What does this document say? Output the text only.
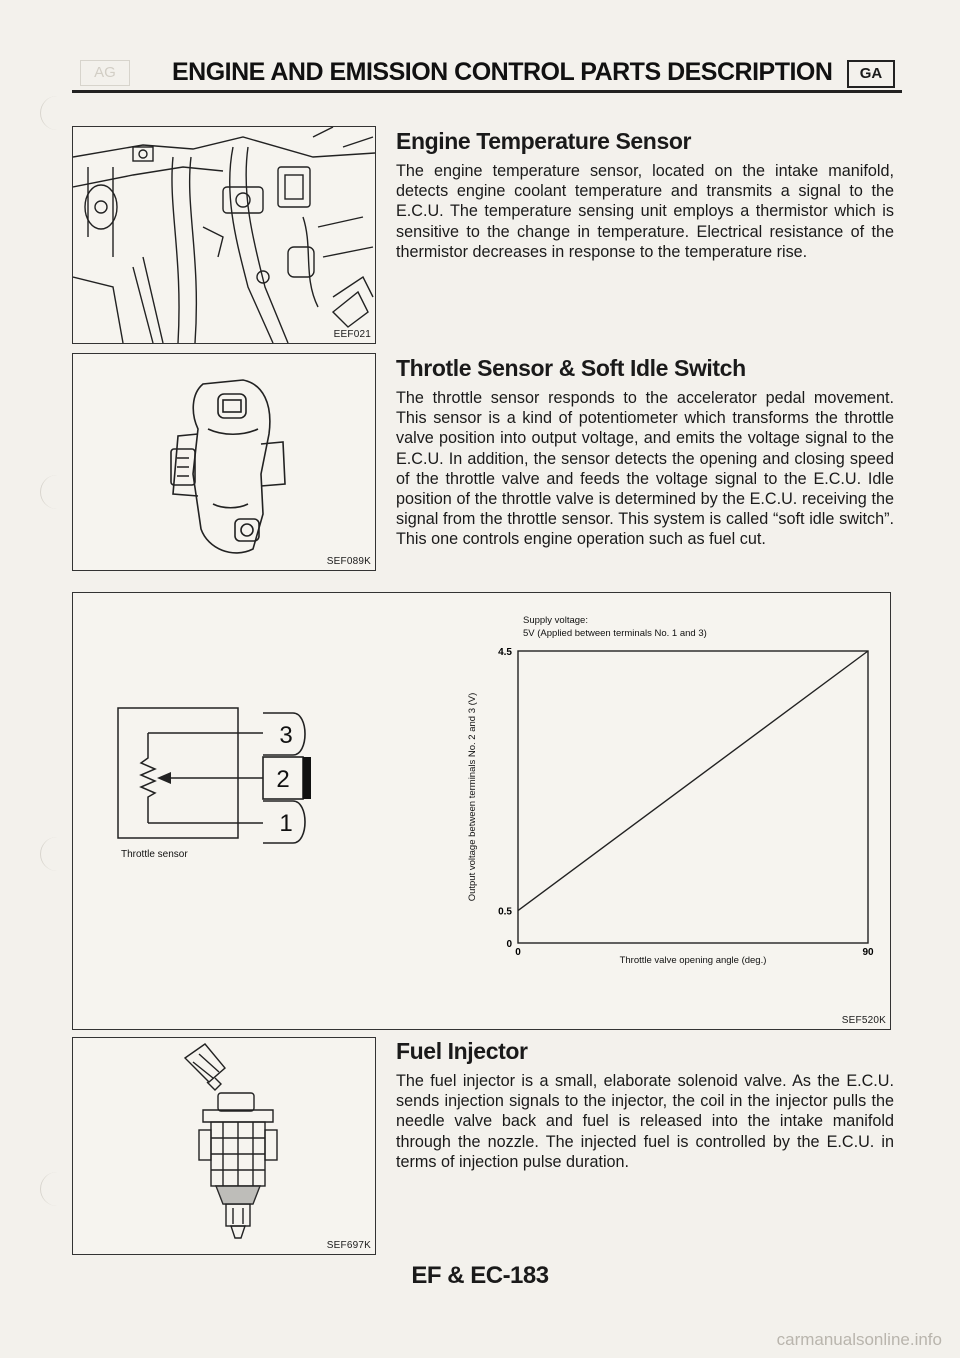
AG	ENGINE AND EMISSION CONTROL PARTS DESCRIPTION	GA
EEF021
Engine Temperature Sensor

The engine temperature sensor, located on the intake manifold, detects engine coolant temperature and transmits a signal to the E.C.U. The temperature sensing unit employs a thermistor which is sensitive to the change in temperature. Electrical resistance of the thermistor decreases in response to the temperature rise.

SEF089K
Throtle Sensor & Soft Idle Switch

The throttle sensor responds to the accelerator pedal movement. This sensor is a kind of potentiometer which transforms the throttle valve position into output voltage, and emits the voltage signal to the E.C.U. In addition, the sensor detects the opening and closing speed of the throttle valve and feeds the voltage signal to the E.C.U. Idle position of the throttle valve is determined by the E.C.U. receiving the signal from the throttle sensor. This system is called “soft idle switch”. This one controls engine operation such as fuel cut.

3
2
1
Throttle sensor
Supply voltage:
5V (Applied between terminals No. 1 and 3)
Output voltage between terminals No. 2 and 3 (V)
Throttle valve opening angle (deg.)
0
0.5
4.5
0	90
SEF520K
SEF697K
Fuel Injector

The fuel injector is a small, elaborate solenoid valve. As the E.C.U. sends injection signals to the injector, the coil in the injector pulls the needle valve back and fuel is released into the intake manifold through the nozzle. The injected fuel is controlled by the E.C.U. in terms of injection pulse duration.

EF & EC-183
carmanualsonline.info
